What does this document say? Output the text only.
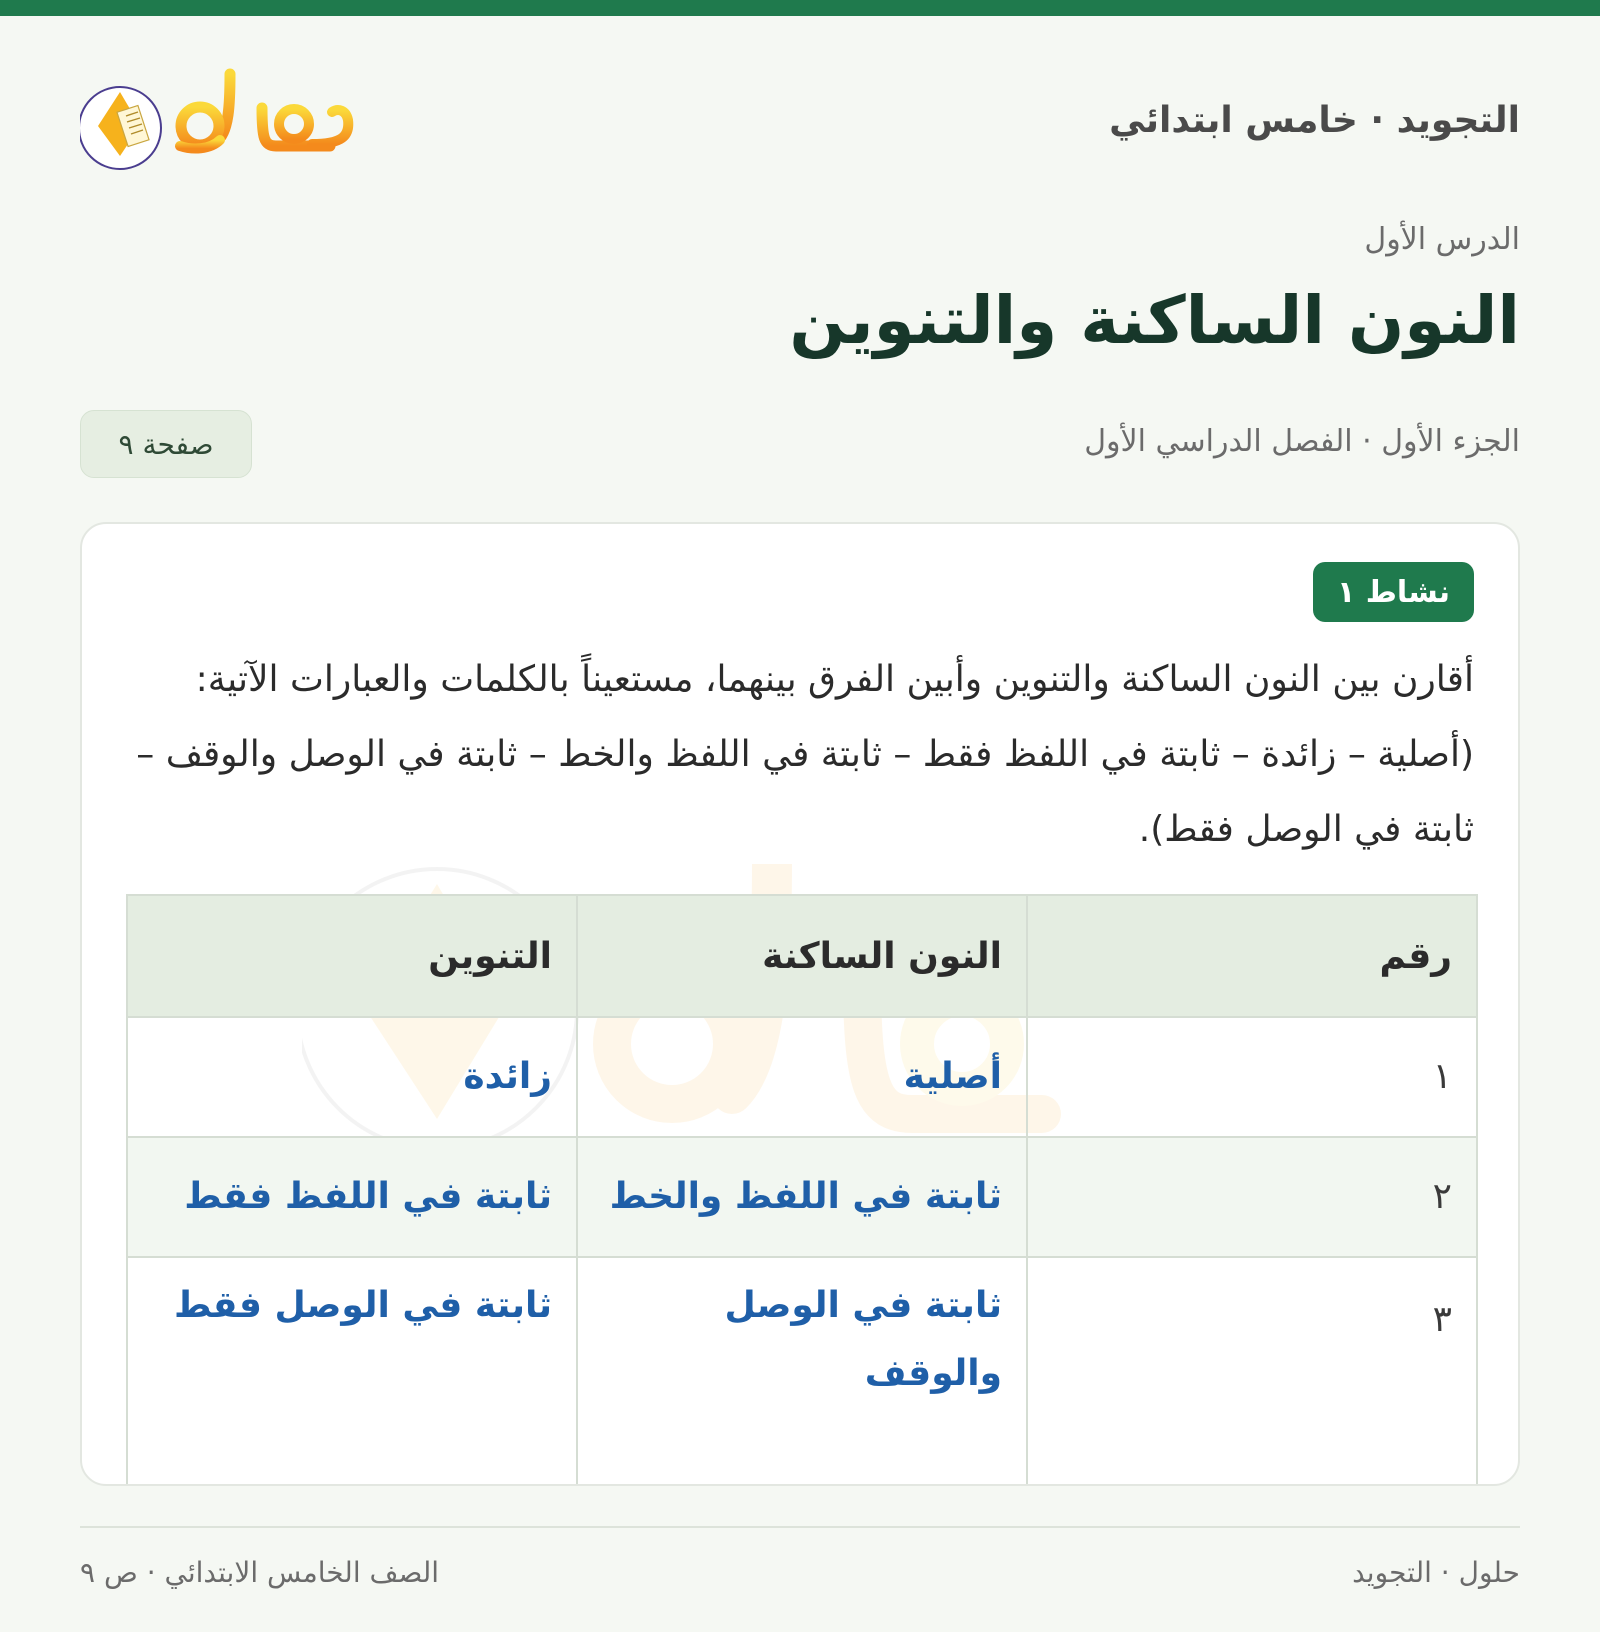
التجويد · خامس ابتدائي
الدرس الأول
النون الساكنة والتنوين
الجزء الأول · الفصل الدراسي الأول
صفحة ٩
نشاط ١
أقارن بين النون الساكنة والتنوين وأبين الفرق بينهما، مستعيناً بالكلمات والعبارات الآتية: (أصلية – زائدة – ثابتة في اللفظ فقط – ثابتة في اللفظ والخط – ثابتة في الوصل والوقف – ثابتة في الوصل فقط).
رقم	النون الساكنة	التنوين
١	أصلية	زائدة
٢	ثابتة في اللفظ والخط	ثابتة في اللفظ فقط
٣	ثابتة في الوصل والوقف	ثابتة في الوصل فقط
حلول · التجويد
الصف الخامس الابتدائي · ص ٩
